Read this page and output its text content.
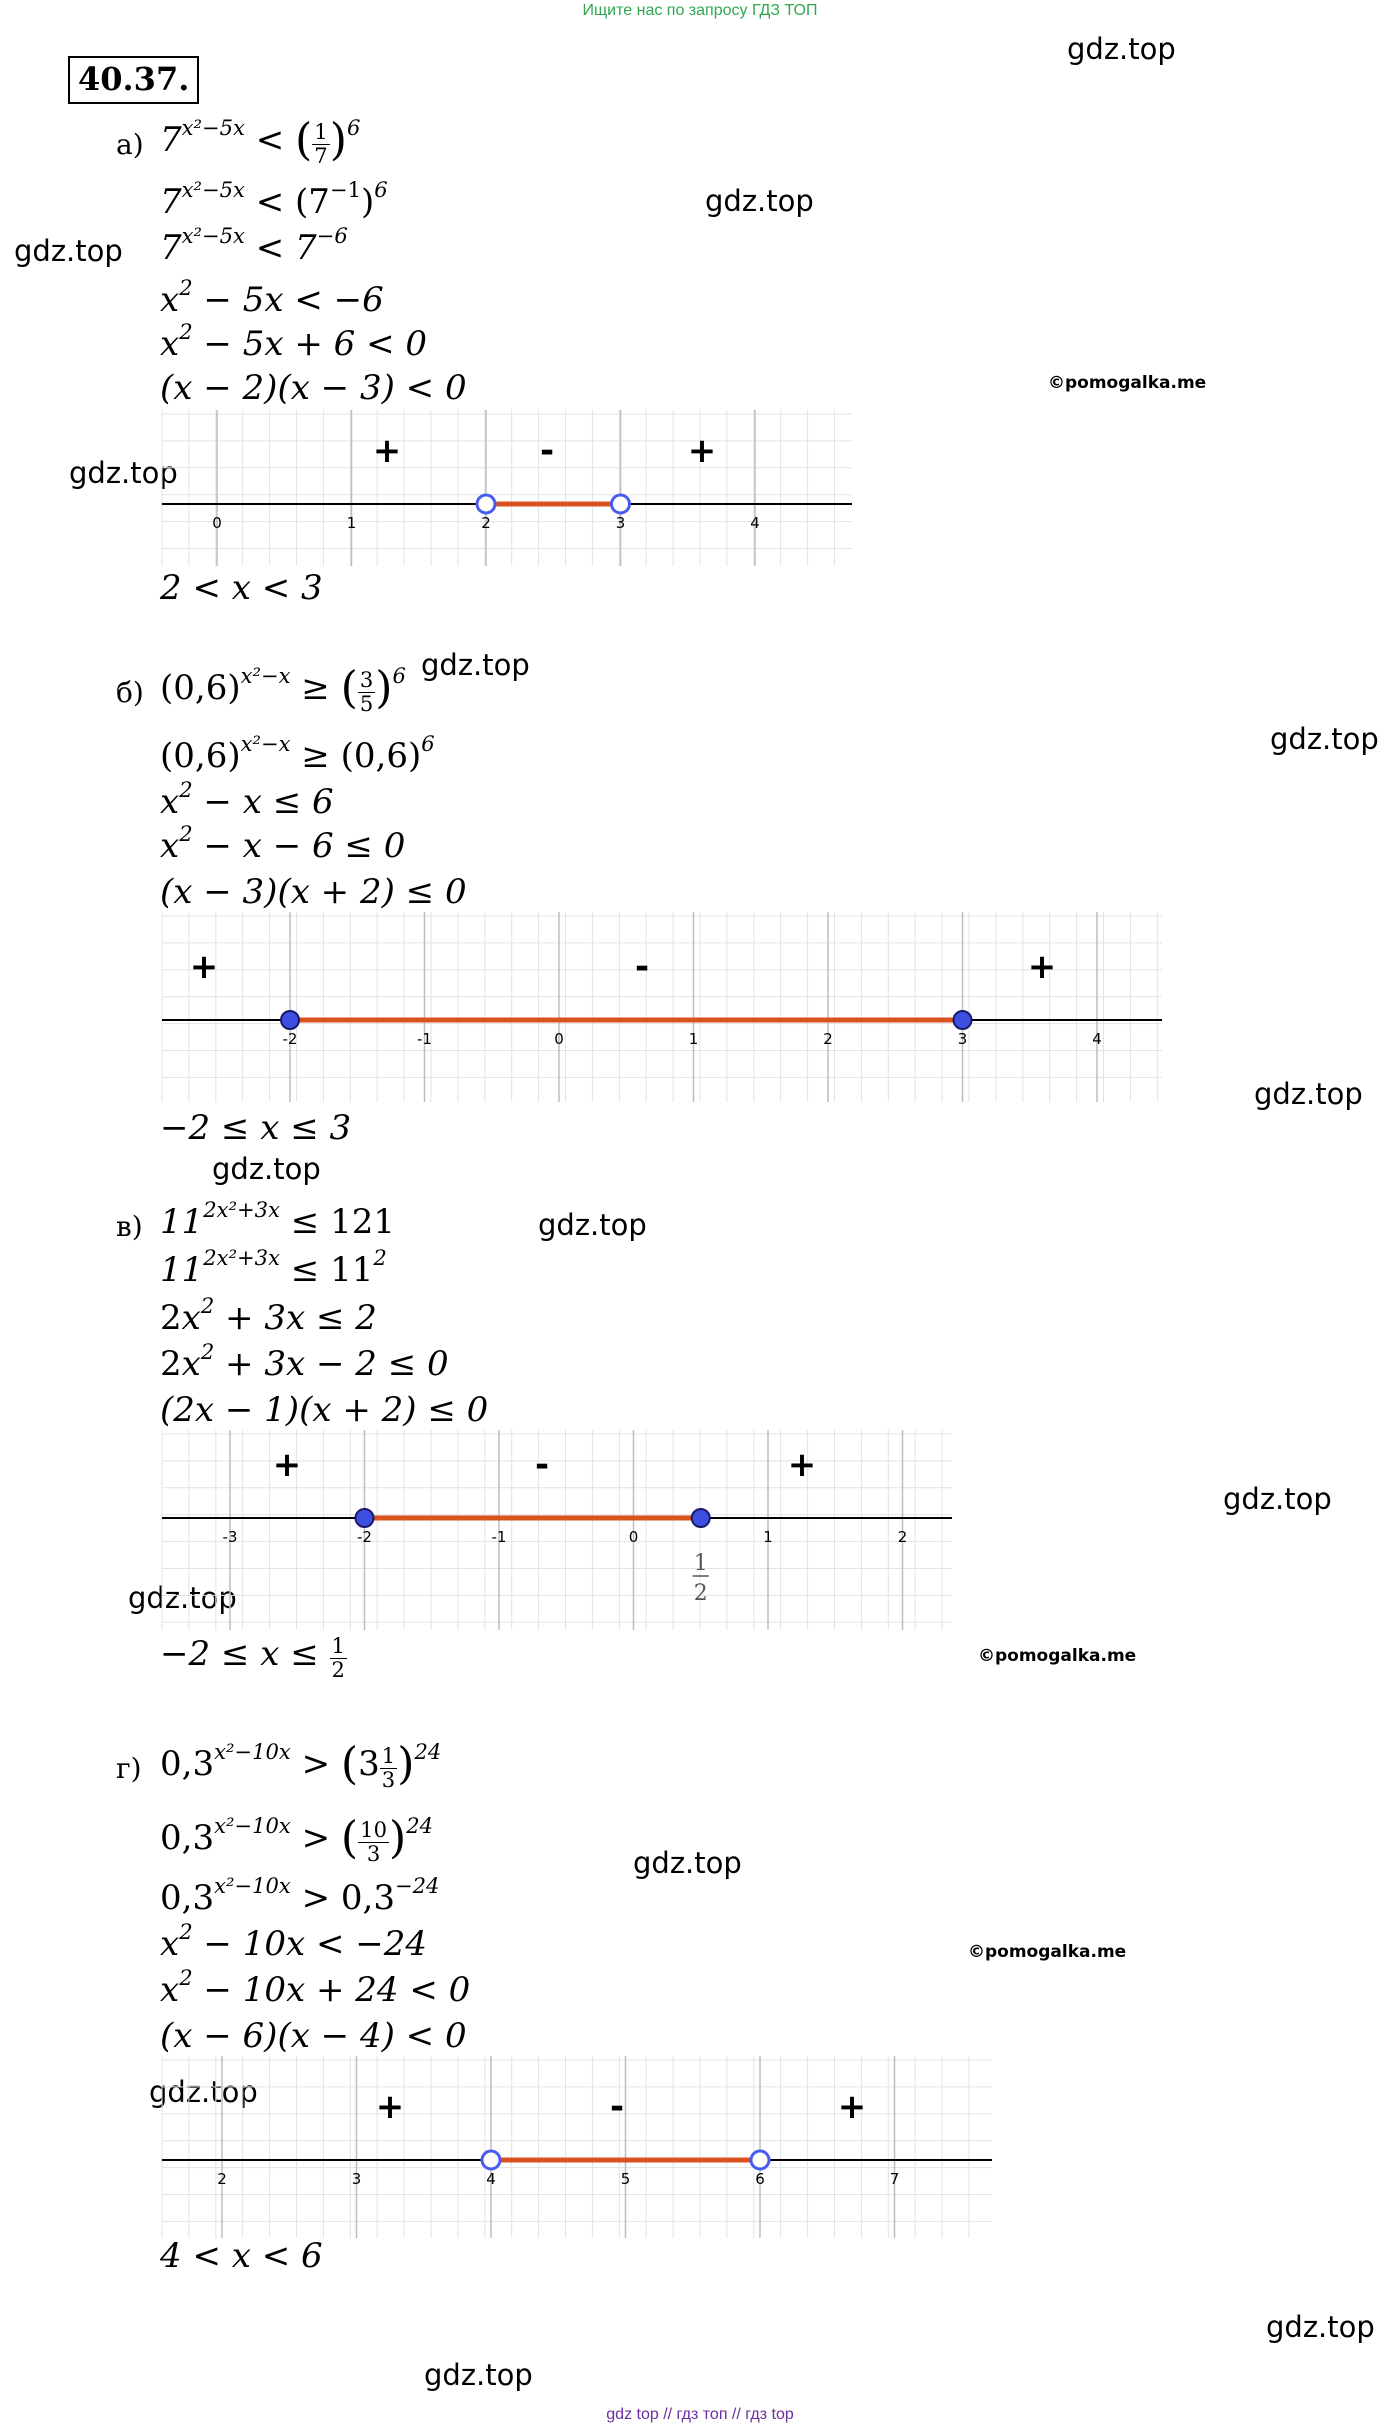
Ищите нас по запросу ГДЗ ТОП
gdz top // гдз топ // гдз top
40.37.
gdz.top
gdz.top
gdz.top
©pomogalka.me
gdz.top
gdz.top
gdz.top
gdz.top
gdz.top
gdz.top
gdz.top
gdz.top
©pomogalka.me
gdz.top
©pomogalka.me
gdz.top
gdz.top
gdz.top
а) $7^{x^2-5x}$ < ( $\frac{1}{7} )^6$
$7^{x^2-5x} < (7^{-1})^6$
$7^{x^2-5x} < 7^{-6}$
$x^2 - 5x < -6$
$x^2 - 5x + 6 < 0$
(x − 2)(x − 3) < 0
0	1	2	3	4
+	-	+
2 < x < 3
б) $(0,6)^{x^2-x}$ ≥ ( $\frac{3}{5} )^6$
$(0,6)^{x^2-x} \ge (0,6)^6$
$x^2 - x \le 6$
$x^2 - x - 6 \le 0$
(x − 3)(x + 2) ≤ 0
-2	-1	0	1	2	3	4
+	-	+
−2 ≤ x ≤ 3
в) $11^{2x^2+3x} \le 121$
$11^{2x^2+3x} \le 11^2$
$2x^2 + 3x \le 2$
$2x^2 + 3x - 2 \le 0$
(2x − 1)(x + 2) ≤ 0
-3	-2	-1	0	1	2
+	-	+
1
2
$-2 \le x \le \frac{1}{2}$
г) $0,3^{x^2-10x} > (3 \frac{1}{3} )^{24}$
$0,3^{x^2-10x}$ > ( $\frac{10}{3} )^{24}$
$0,3^{x^2-10x} > 0,3^{-24}$
$x^2 - 10x < -24$
$x^2 - 10x + 24 < 0$
(x − 6)(x − 4) < 0
2	3	4	5	6	7
+	-	+
4 < x < 6
